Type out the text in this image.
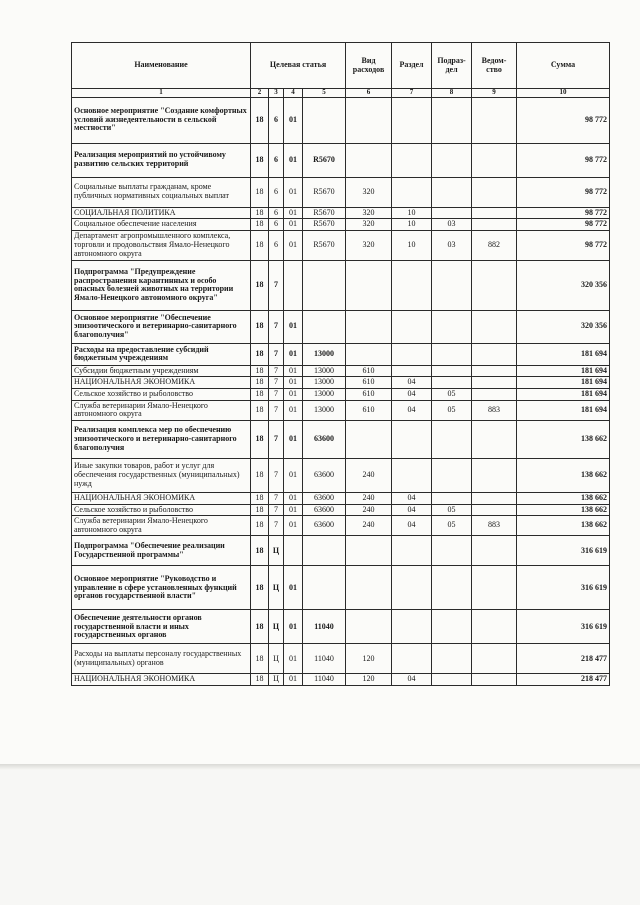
Наименование	Целевая статья				Вид расходов	Раздел	Подраз-дел	Ведом-ство	Сумма
1	2	3	4	5	6	7	8	9	10
Основное мероприятие "Создание комфортных условий жизнедеятельности в сельской местности"	18	6	01						98 772
Реализация мероприятий по устойчивому развитию сельских территорий	18	6	01	R5670					98 772
Социальные выплаты гражданам, кроме публичных нормативных социальных выплат	18	6	01	R5670	320				98 772
СОЦИАЛЬНАЯ ПОЛИТИКА	18	6	01	R5670	320	10			98 772
Социальное обеспечение населения	18	6	01	R5670	320	10	03		98 772
Департамент агропромышленного комплекса, торговли и продовольствия Ямало-Ненецкого автономного округа	18	6	01	R5670	320	10	03	882	98 772
Подпрограмма "Предупреждение распространения карантинных и особо опасных болезней животных на территории Ямало-Ненецкого автономного округа"	18	7							320 356
Основное мероприятие "Обеспечение эпизоотического и ветеринарно-санитарного благополучия"	18	7	01						320 356
Расходы на предоставление субсидий бюджетным учреждениям	18	7	01	13000					181 694
Субсидии бюджетным учреждениям	18	7	01	13000	610				181 694
НАЦИОНАЛЬНАЯ ЭКОНОМИКА	18	7	01	13000	610	04			181 694
Сельское хозяйство и рыболовство	18	7	01	13000	610	04	05		181 694
Служба ветеринарии Ямало-Ненецкого автономного округа	18	7	01	13000	610	04	05	883	181 694
Реализация комплекса мер по обеспечению эпизоотического и ветеринарно-санитарного благополучия	18	7	01	63600					138 662
Иные закупки товаров, работ и услуг для обеспечения государственных (муниципальных) нужд	18	7	01	63600	240				138 662
НАЦИОНАЛЬНАЯ ЭКОНОМИКА	18	7	01	63600	240	04			138 662
Сельское хозяйство и рыболовство	18	7	01	63600	240	04	05		138 662
Служба ветеринарии Ямало-Ненецкого автономного округа	18	7	01	63600	240	04	05	883	138 662
Подпрограмма "Обеспечение реализации Государственной программы"	18	Ц							316 619
Основное мероприятие "Руководство и управление в сфере установленных функций органов государственной власти"	18	Ц	01						316 619
Обеспечение деятельности органов государственной власти и иных государственных органов	18	Ц	01	11040					316 619
Расходы на выплаты персоналу государственных (муниципальных) органов	18	Ц	01	11040	120				218 477
НАЦИОНАЛЬНАЯ ЭКОНОМИКА	18	Ц	01	11040	120	04			218 477
